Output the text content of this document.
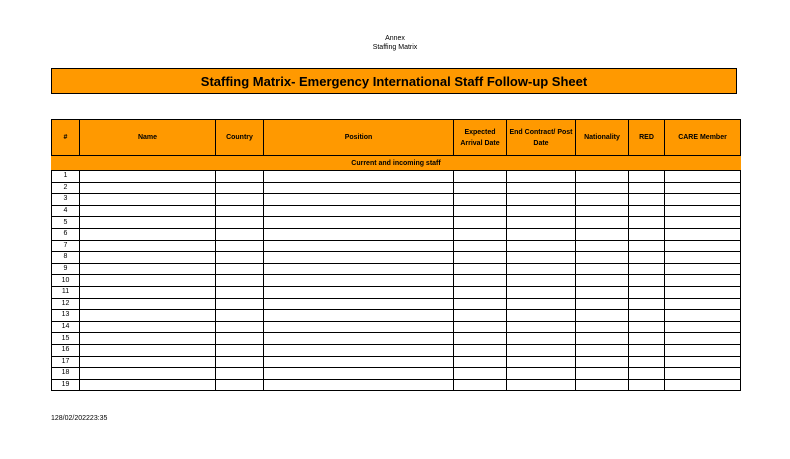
Annex
Staffing Matrix
Staffing Matrix- Emergency International Staff Follow-up Sheet
#	Name	Country	Position	Expected Arrival Date	End Contract/ Post Date	Nationality	RED	CARE Member
Current and incoming staff								
1								
2								
3								
4								
5								
6								
7								
8								
9								
10								
11								
12								
13								
14								
15								
16								
17								
18								
19								
128/02/202223:35
